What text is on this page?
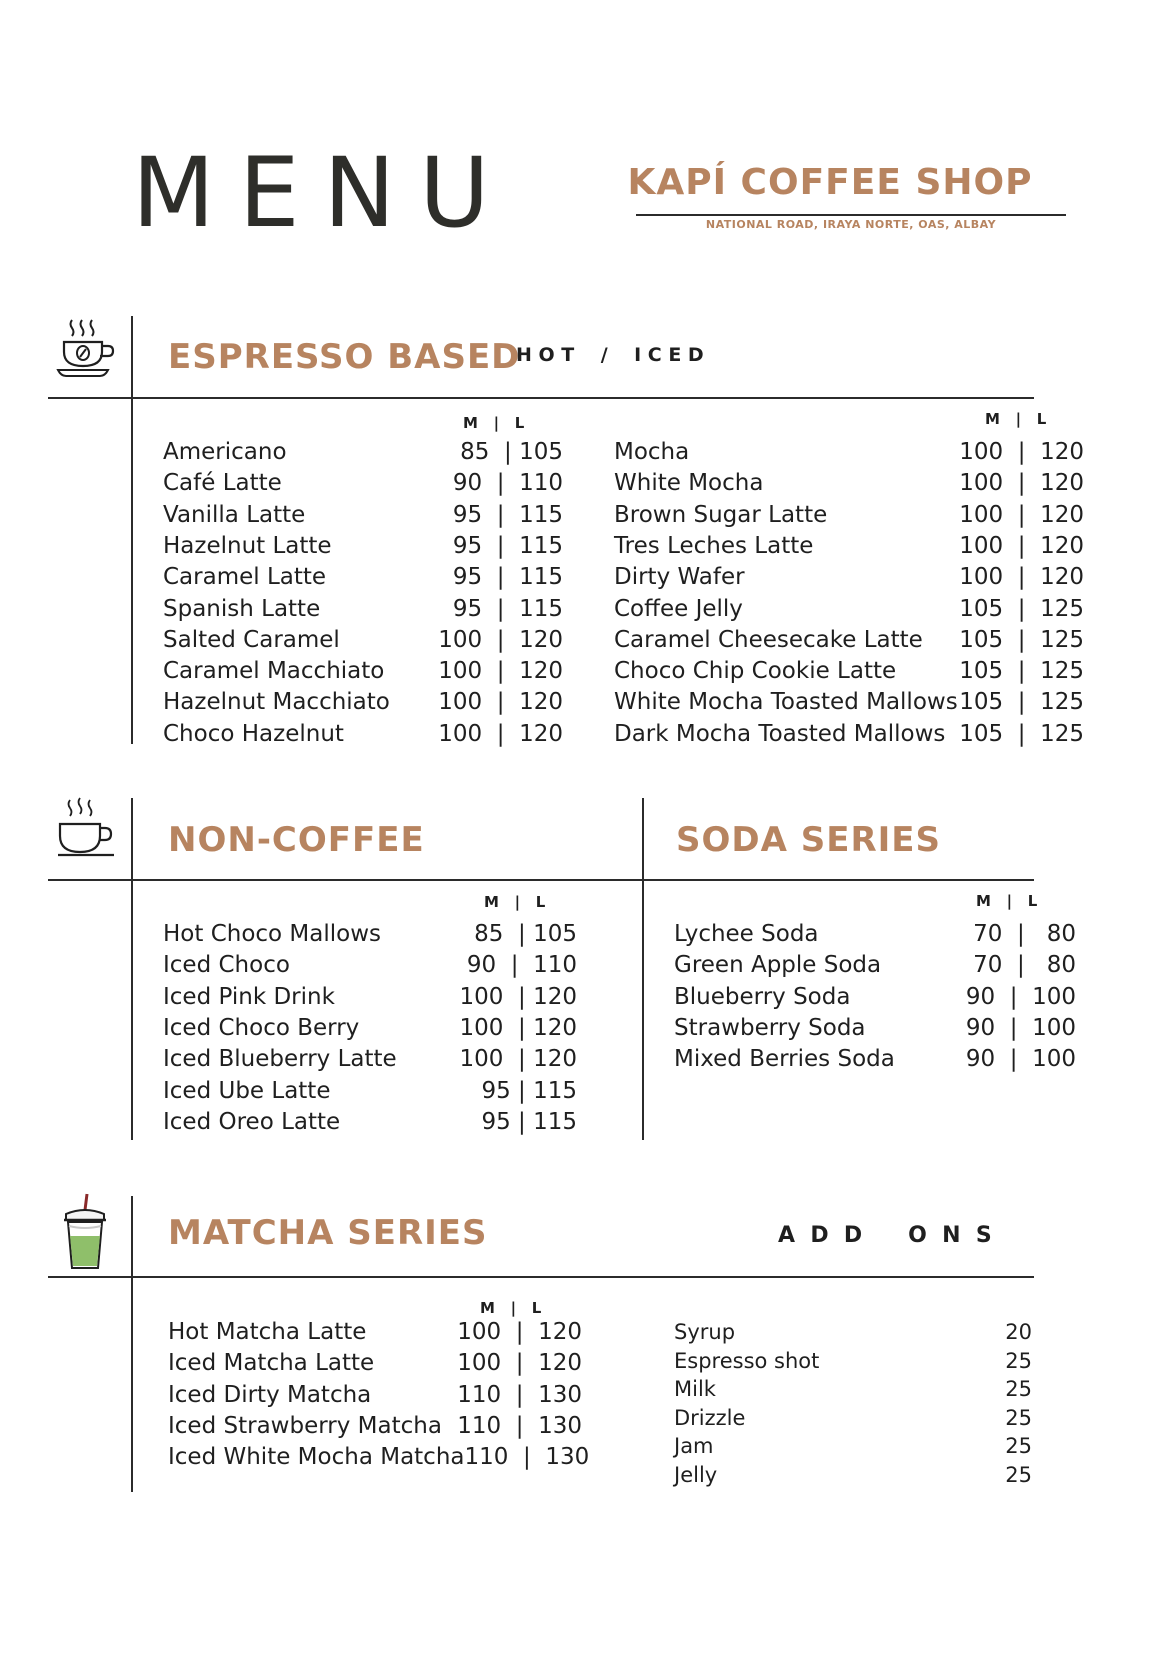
MENU	KAPÍ COFFEE SHOP
NATIONAL ROAD, IRAYA NORTE, OAS, ALBAY
ESPRESSO BASED
H O T    /    I C E D
M   |   L	M   |   L
Americano	85  | 105
Café Latte	90  |  110
Vanilla Latte	95  |  115
Hazelnut Latte	95  |  115
Caramel Latte	95  |  115
Spanish Latte	95  |  115
Salted Caramel	100  |  120
Caramel Macchiato 100  |  120
Hazelnut Macchiato 100  |  120
Choco Hazelnut	100  |  120
Mocha	100  |  120
White Mocha	100  |  120
Brown Sugar Latte	100  |  120
Tres Leches Latte	100  |  120
Dirty Wafer	100  |  120
Coffee Jelly	105  |  125
Caramel Cheesecake Latte 105  |  125
Choco Chip Cookie Latte	105  |  125
White Mocha Toasted Mallows 105  |  125
Dark Mocha Toasted Mallows 105  |  125
NON-COFFEE	SODA SERIES
M   |   L	M   |   L
Hot Choco Mallows	85  | 105
Iced Choco	90  |  110
Iced Pink Drink	100  | 120
Iced Choco Berry	100  | 120
Iced Blueberry Latte	100  | 120
Iced Ube Latte	95 | 115
Iced Oreo Latte	95 | 115
Lychee Soda	70  |   80
Green Apple Soda	70  |   80
Blueberry Soda	90  |  100
Strawberry Soda	90  |  100
Mixed Berries Soda	90  |  100
MATCHA SERIES	A  D  D      O  N  S
M   |   L
Hot Matcha Latte	100  |  120
Iced Matcha Latte	100  |  120
Iced Dirty Matcha	110  |  130
Iced Strawberry Matcha 110  |  130
Iced White Mocha Matcha 110  |  130
Syrup	20
Espresso shot	25
Milk	25
Drizzle	25
Jam	25
Jelly	25
